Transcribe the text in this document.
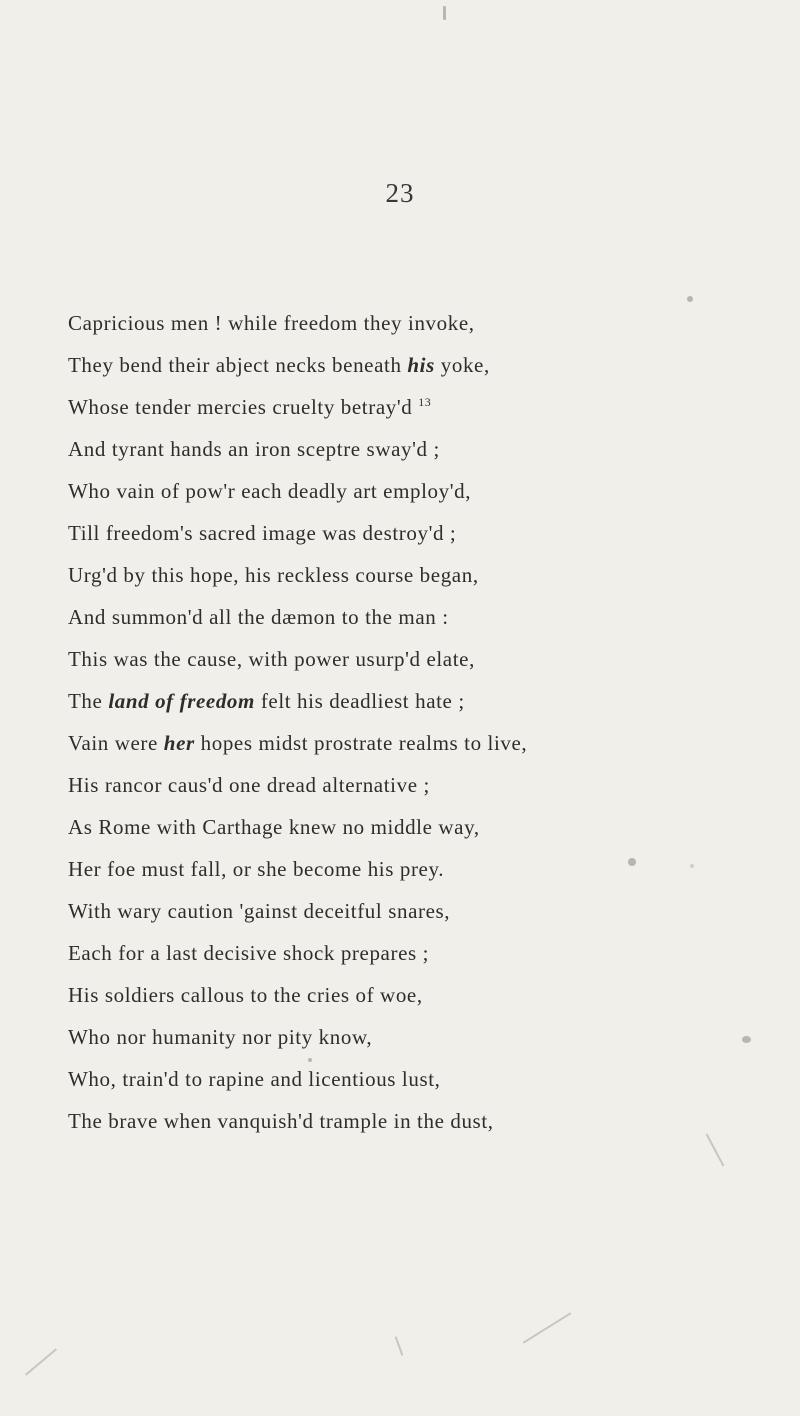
23
Capricious men ! while freedom they invoke,
They bend their abject necks beneath his yoke,
Whose tender mercies cruelty betray'd $^{13}$
And tyrant hands an iron sceptre sway'd ;
Who vain of pow'r each deadly art employ'd,
Till freedom's sacred image was destroy'd ;
Urg'd by this hope, his reckless course began,
And summon'd all the dæmon to the man :
This was the cause, with power usurp'd elate,
The land of freedom felt his deadliest hate ;
Vain were her hopes midst prostrate realms to live,
His rancor caus'd one dread alternative ;
As Rome with Carthage knew no middle way,
Her foe must fall, or she become his prey.
With wary caution 'gainst deceitful snares,
Each for a last decisive shock prepares ;
His soldiers callous to the cries of woe,
Who nor humanity nor pity know,
Who, train'd to rapine and licentious lust,
The brave when vanquish'd trample in the dust,
